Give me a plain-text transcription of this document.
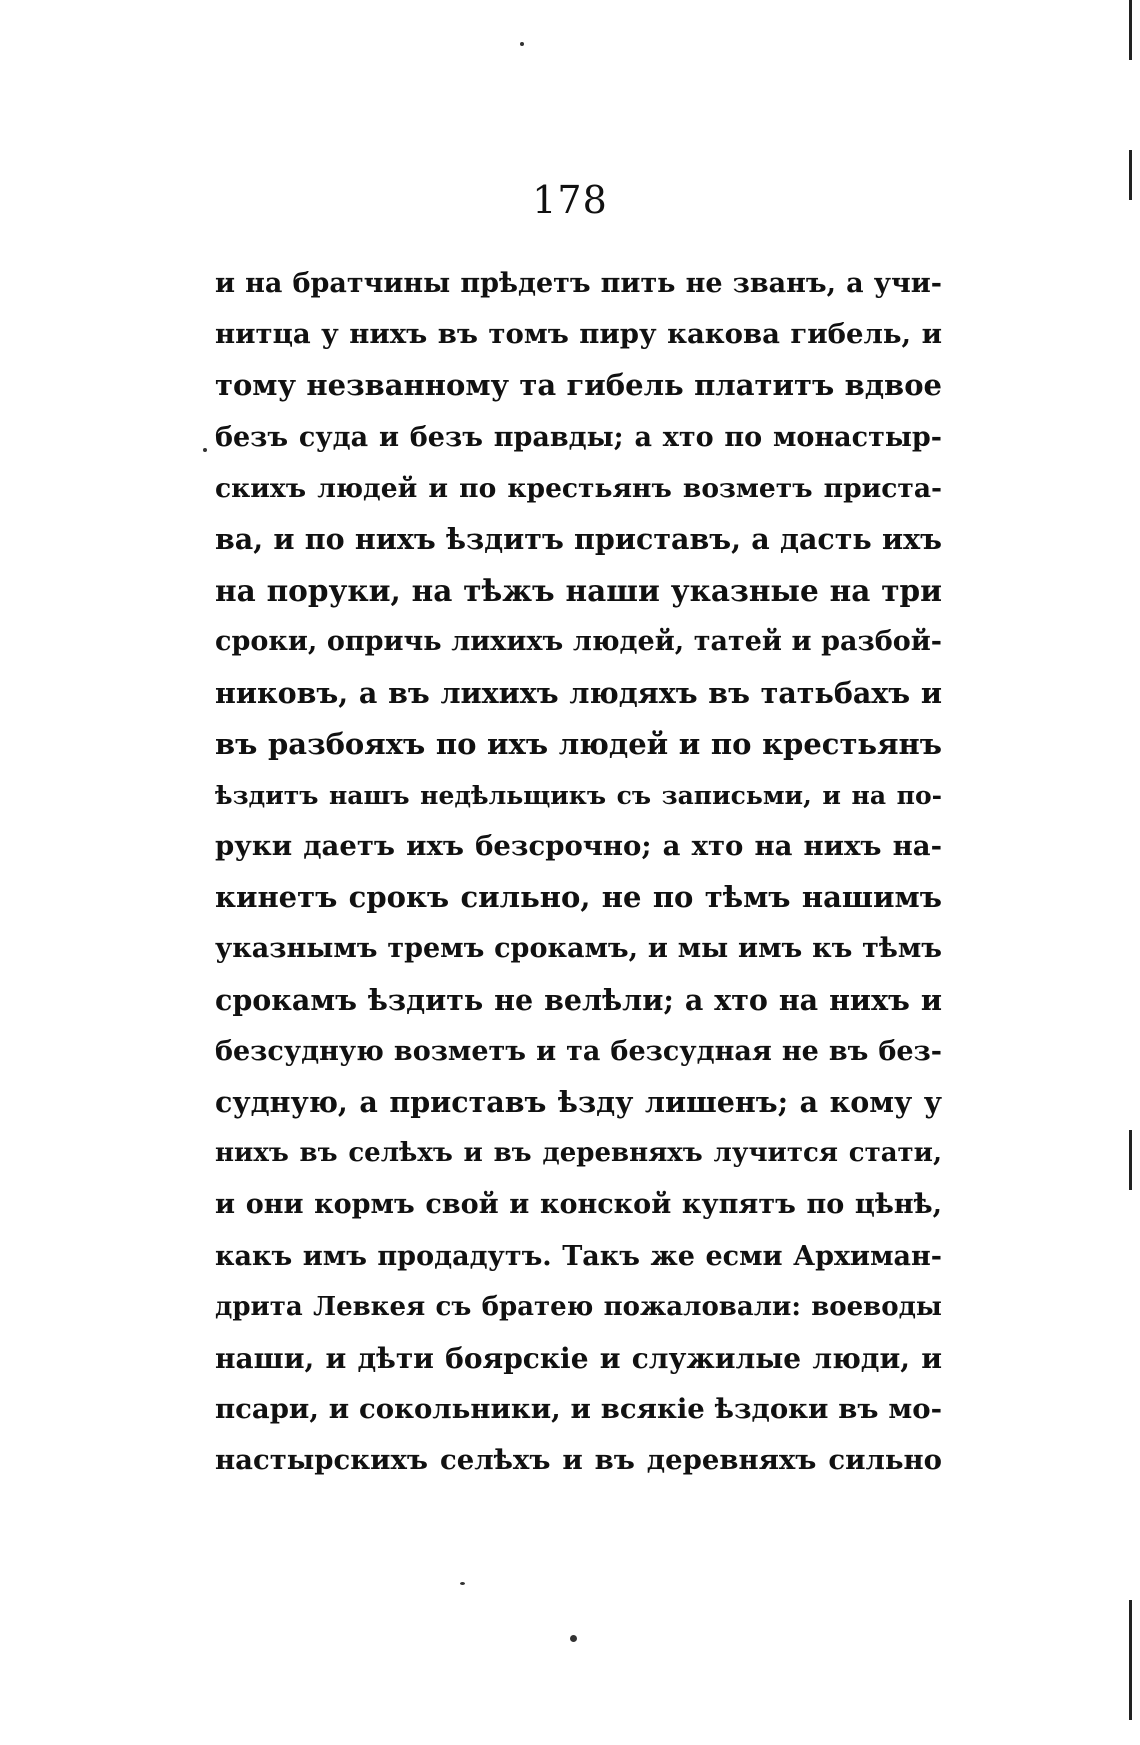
178
и на братчины прѣдетъ пить не званъ, а учи-
нитца у нихъ въ томъ пиру какова гибель, и
тому незванному та гибель платитъ вдвое
безъ суда и безъ правды; а хто по монастыр-
скихъ людей и по крестьянъ возметъ приста-
ва, и по нихъ ѣздитъ приставъ, а дасть ихъ
на поруки, на тѣжъ наши указные на три
сроки, опричь лихихъ людей, татей и разбой-
никовъ, а въ лихихъ людяхъ въ татьбахъ и
въ разбояхъ по ихъ людей и по крестьянъ
ѣздитъ нашъ недѣльщикъ съ записьми, и на по-
руки даетъ ихъ безсрочно; а хто на нихъ на-
кинетъ срокъ сильно, не по тѣмъ нашимъ
указнымъ тремъ срокамъ, и мы имъ къ тѣмъ
срокамъ ѣздить не велѣли; а хто на нихъ и
безсудную возметъ и та безсудная не въ без-
судную, а приставъ ѣзду лишенъ; а кому у
нихъ въ селѣхъ и въ деревняхъ лучится стати,
и они кормъ свой и конской купятъ по цѣнѣ,
какъ имъ продадутъ. Такъ же есми Архиман-
дрита Левкея съ братею пожаловали: воеводы
наши, и дѣти боярскіе и служилые люди, и
псари, и сокольники, и всякіе ѣздоки въ мо-
настырскихъ селѣхъ и въ деревняхъ сильно
